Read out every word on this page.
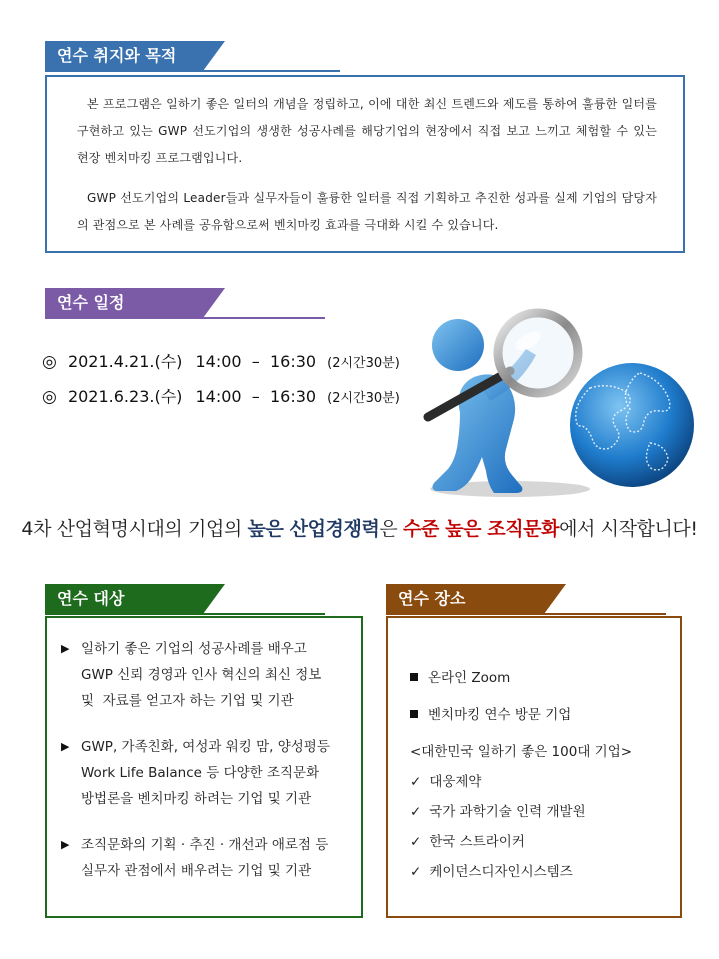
연수 취지와 목적

본 프로그램은 일하기 좋은 일터의 개념을 정립하고, 이에 대한 최신 트렌드와 제도를 통하여 훌륭한 일터를 구현하고 있는 GWP 선도기업의 생생한 성공사례를 해당기업의 현장에서 직접 보고 느끼고 체험할 수 있는 현장 벤치마킹 프로그램입니다.

GWP 선도기업의 Leader들과 실무자들이 훌륭한 일터를 직접 기획하고 추진한 성과를 실제 기업의 담당자의 관점으로 본 사례를 공유함으로써 벤치마킹 효과를 극대화 시킬 수 있습니다.

연수 일정
◎ 2021.4.21.(수) 14:00  –  16:30 (2시간30분)
◎ 2021.6.23.(수) 14:00  –  16:30 (2시간30분)
4차 산업혁명시대의 기업의 높은 산업경쟁력은 수준 높은 조직문화에서 시작합니다!
연수 대상
▶ 일하기 좋은 기업의 성공사례를 배우고
GWP 신뢰 경영과 인사 혁신의 최신 정보
및  자료를 얻고자 하는 기업 및 기관
▶ GWP, 가족친화, 여성과 워킹 맘, 양성평등
Work Life Balance 등 다양한 조직문화
방법론을 벤치마킹 하려는 기업 및 기관
▶ 조직문화의 기획 · 추진 · 개선과 애로점 등
실무자 관점에서 배우려는 기업 및 기관
연수 장소
온라인 Zoom
벤치마킹 연수 방문 기업
<대한민국 일하기 좋은 100대 기업>
✓ 대웅제약
✓ 국가 과학기술 인력 개발원
✓ 한국 스트라이커
✓ 케이던스디자인시스템즈
